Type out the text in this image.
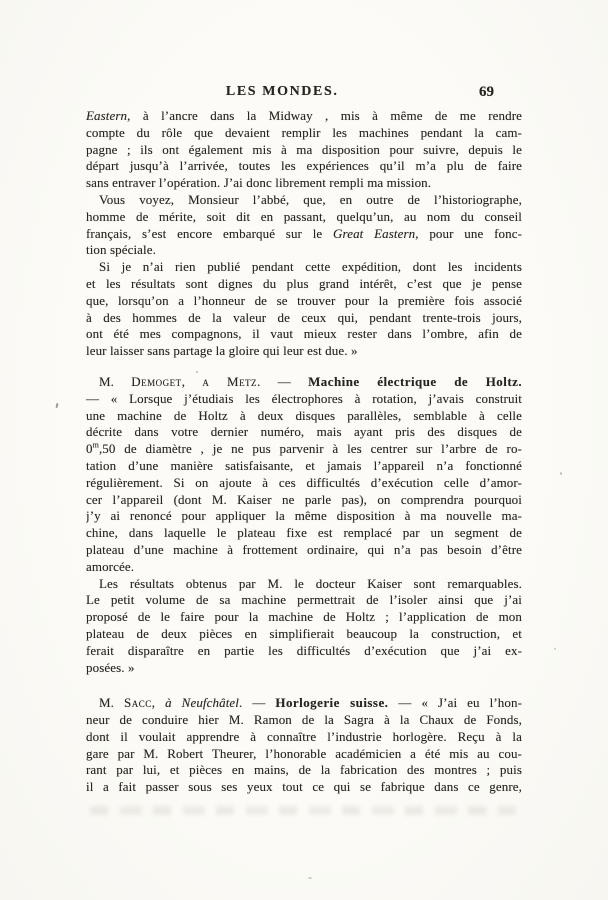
LES MONDES.	69
Eastern, à l’ancre dans la Midway , mis à même de me rendre
compte du rôle que devaient remplir les machines pendant la cam-
pagne ; ils ont également mis à ma disposition pour suivre, depuis le
départ jusqu’à l’arrivée, toutes les expériences qu’il m’a plu de faire
sans entraver l’opération. J’ai donc librement rempli ma mission.
Vous voyez, Monsieur l’abbé, que, en outre de l’historiographe,
homme de mérite, soit dit en passant, quelqu’un, au nom du conseil
français, s’est encore embarqué sur le Great Eastern, pour une fonc-
tion spéciale.
Si je n’ai rien publié pendant cette expédition, dont les incidents
et les résultats sont dignes du plus grand intérêt, c’est que je pense
que, lorsqu’on a l’honneur de se trouver pour la première fois associé
à des hommes de la valeur de ceux qui, pendant trente-trois jours,
ont été mes compagnons, il vaut mieux rester dans l’ombre, afin de
leur laisser sans partage la gloire qui leur est due. »
M. Demoget, a Metz. — Machine électrique de Holtz.
— « Lorsque j’étudiais les électrophores à rotation, j’avais construit
une machine de Holtz à deux disques parallèles, semblable à celle
décrite dans votre dernier numéro, mais ayant pris des disques de
0$^m$,50 de diamètre , je ne pus parvenir à les centrer sur l’arbre de ro-
tation d’une manière satisfaisante, et jamais l’appareil n’a fonctionné
régulièrement. Si on ajoute à ces difficultés d’exécution celle d’amor-
cer l’appareil (dont M. Kaiser ne parle pas), on comprendra pourquoi
j’y ai renoncé pour appliquer la même disposition à ma nouvelle ma-
chine, dans laquelle le plateau fixe est remplacé par un segment de
plateau d’une machine à frottement ordinaire, qui n’a pas besoin d’être
amorcée.
Les résultats obtenus par M. le docteur Kaiser sont remarquables.
Le petit volume de sa machine permettrait de l’isoler ainsi que j’ai
proposé de le faire pour la machine de Holtz ; l’application de mon
plateau de deux pièces en simplifierait beaucoup la construction, et
ferait disparaître en partie les difficultés d’exécution que j’ai ex-
posées. »
M. Sacc, à Neufchâtel. — Horlogerie suisse. — « J’ai eu l’hon-
neur de conduire hier M. Ramon de la Sagra à la Chaux de Fonds,
dont il voulait apprendre à connaître l’industrie horlogère. Reçu à la
gare par M. Robert Theurer, l’honorable académicien a été mis au cou-
rant par lui, et pièces en mains, de la fabrication des montres ; puis
il a fait passer sous ses yeux tout ce qui se fabrique dans ce genre,
